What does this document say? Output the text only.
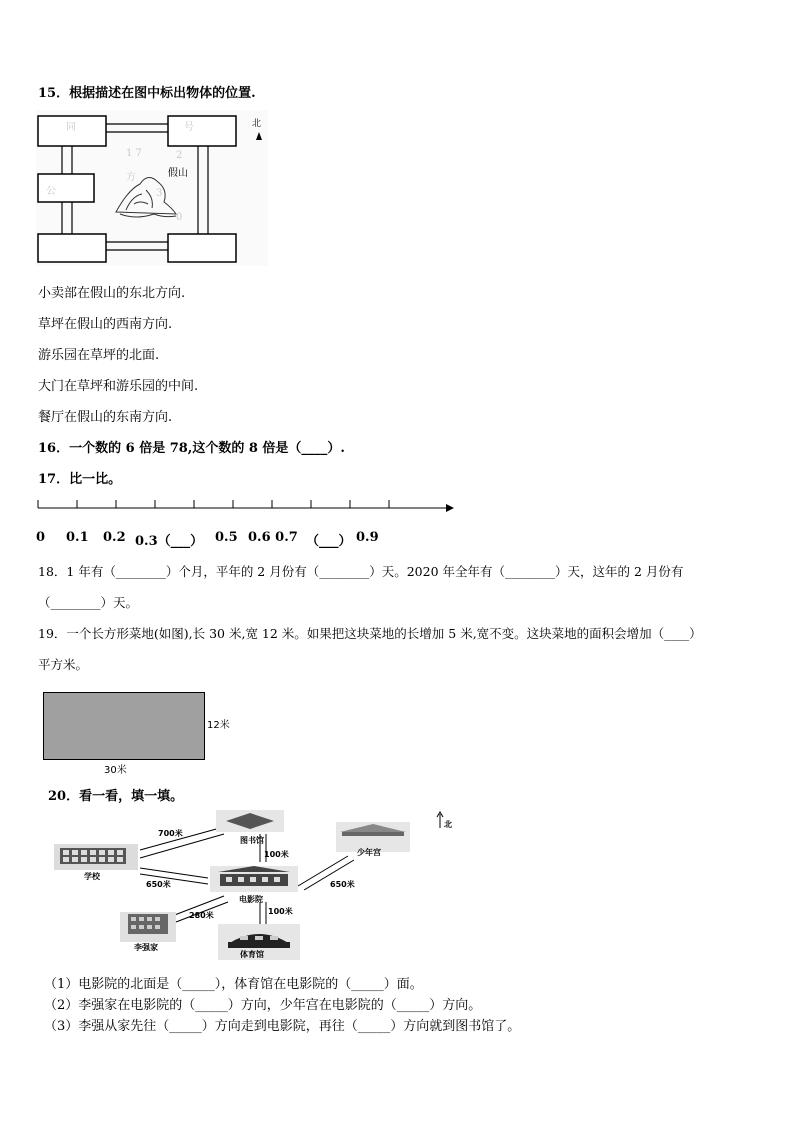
15．根据描述在图中标出物体的位置.
同	号
1 7	2
方
3
公
0
假山
北
小卖部在假山的东北方向.
草坪在假山的西南方向.
游乐园在草坪的北面.
大门在草坪和游乐园的中间.
餐厅在假山的东南方向.
16．一个数的 6 倍是 78,这个数的 8 倍是（____）.
17．比一比。
0 0.1 0.2 0.3（___） 0.5 0.6 0.7 （___） 0.9
18．1 年有（________）个月，平年的 2 月份有（________）天。2020 年全年有（________）天，这年的 2 月份有
（________）天。
19．一个长方形菜地(如图),长 30 米,宽 12 米。如果把这块菜地的长增加 5 米,宽不变。这块菜地的面积会增加（____）
平方米。
12米
30米
20．看一看，填一填。
700米
图书馆
100米	少年宫
北
学校
650米	650米
电影院
100米
280米
李强家
体育馆
（1）电影院的北面是（_____），体育馆在电影院的（_____）面。
（2）李强家在电影院的（_____）方向，少年宫在电影院的（_____）方向。
（3）李强从家先往（_____）方向走到电影院，再往（_____）方向就到图书馆了。
